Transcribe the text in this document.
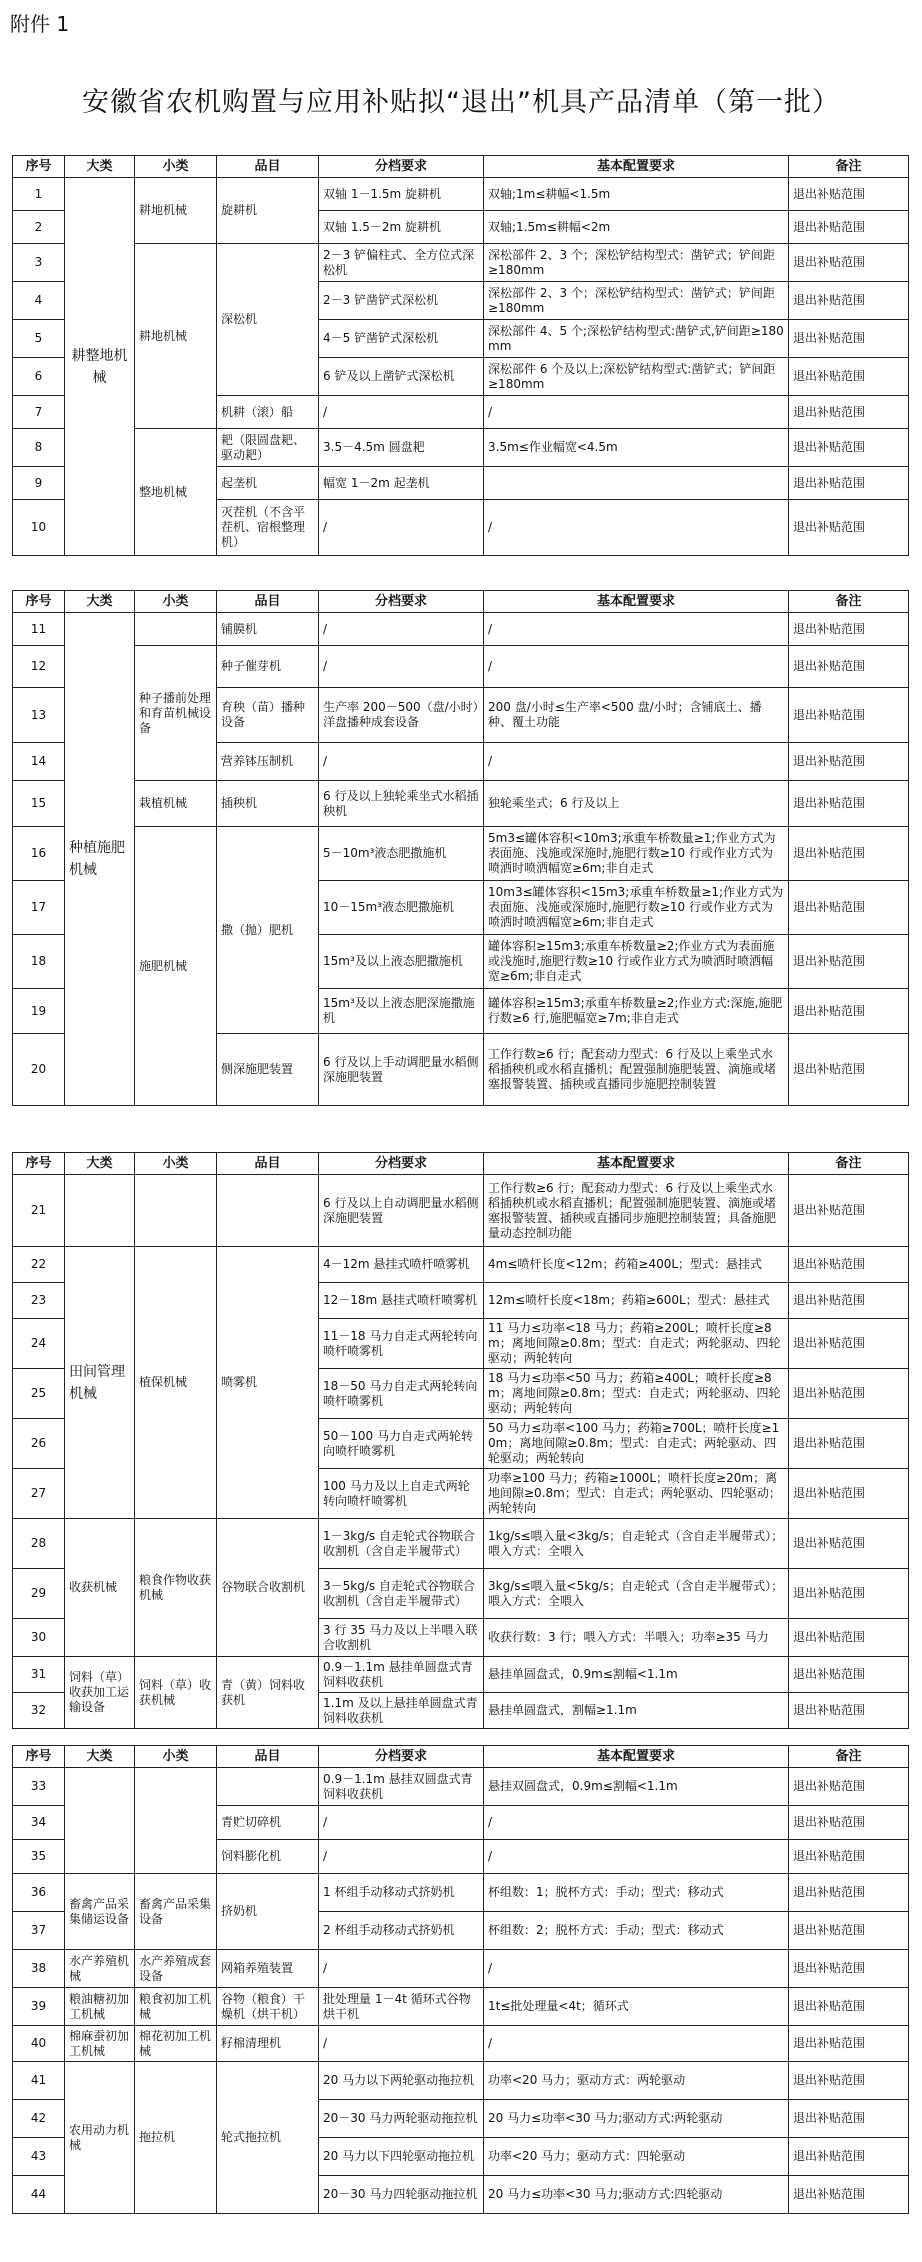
附件 1
安徽省农机购置与应用补贴拟“退出”机具产品清单（第一批）
序号	大类	小类	品目	分档要求	基本配置要求	备注
1	耕整地机械	耕地机械	旋耕机	双轴 1－1.5m 旋耕机	双轴;1m≤耕幅<1.5m	退出补贴范围
2				双轴 1.5－2m 旋耕机	双轴;1.5m≤耕幅<2m	退出补贴范围
3		耕地机械	深松机	2－3 铲偏柱式、全方位式深松机	深松部件 2、3 个；深松铲结构型式：凿铲式；铲间距≥180mm	退出补贴范围
4				2－3 铲凿铲式深松机	深松部件 2、3 个；深松铲结构型式：凿铲式；铲间距≥180mm	退出补贴范围
5				4－5 铲凿铲式深松机	深松部件 4、5 个;深松铲结构型式:凿铲式,铲间距≥180mm	退出补贴范围
6				6 铲及以上凿铲式深松机	深松部件 6 个及以上;深松铲结构型式:凿铲式；铲间距≥180mm	退出补贴范围
7			机耕（滚）船	/	/	退出补贴范围
8		整地机械	耙（限圆盘耙、驱动耙）	3.5－4.5m 圆盘耙	3.5m≤作业幅宽<4.5m	退出补贴范围
9			起垄机	幅宽 1－2m 起垄机		退出补贴范围
10			灭茬机（不含平茬机、宿根整理机）	/	/	退出补贴范围
序号	大类	小类	品目	分档要求	基本配置要求	备注
11	种植施肥机械		铺膜机	/	/	退出补贴范围
12		种子播前处理和育苗机械设备	种子催芽机	/	/	退出补贴范围
13			育秧（苗）播种设备	生产率 200－500（盘/小时）洋盘播种成套设备	200 盘/小时≤生产率<500 盘/小时；含铺底土、播种、覆土功能	退出补贴范围
14			营养钵压制机	/	/	退出补贴范围
15		栽植机械	插秧机	6 行及以上独轮乘坐式水稻插秧机	独轮乘坐式；6 行及以上	退出补贴范围
16		施肥机械	撒（抛）肥机	5－10m³液态肥撒施机	5m3≤罐体容积<10m3;承重车桥数量≥1;作业方式为表面施、浅施或深施时,施肥行数≥10 行或作业方式为喷洒时喷洒幅宽≥6m;非自走式	退出补贴范围
17				10－15m³液态肥撒施机	10m3≤罐体容积<15m3;承重车桥数量≥1;作业方式为表面施、浅施或深施时,施肥行数≥10 行或作业方式为喷洒时喷洒幅宽≥6m;非自走式	退出补贴范围
18				15m³及以上液态肥撒施机	罐体容积≥15m3;承重车桥数量≥2;作业方式为表面施或浅施时,施肥行数≥10 行或作业方式为喷洒时喷洒幅宽≥6m;非自走式	退出补贴范围
19				15m³及以上液态肥深施撒施机	罐体容积≥15m3;承重车桥数量≥2;作业方式:深施,施肥行数≥6 行,施肥幅宽≥7m;非自走式	退出补贴范围
20			侧深施肥装置	6 行及以上手动调肥量水稻侧深施肥装置	工作行数≥6 行；配套动力型式：6 行及以上乘坐式水稻插秧机或水稻直播机；配置强制施肥装置、滴施或堵塞报警装置、插秧或直播同步施肥控制装置	退出补贴范围
序号	大类	小类	品目	分档要求	基本配置要求	备注
21				6 行及以上自动调肥量水稻侧深施肥装置	工作行数≥6 行；配套动力型式：6 行及以上乘坐式水稻插秧机或水稻直播机；配置强制施肥装置、滴施或堵塞报警装置、插秧或直播同步施肥控制装置；具备施肥量动态控制功能	退出补贴范围
22	田间管理机械	植保机械	喷雾机	4－12m 悬挂式喷杆喷雾机	4m≤喷杆长度<12m；药箱≥400L；型式：悬挂式	退出补贴范围
23				12－18m 悬挂式喷杆喷雾机	12m≤喷杆长度<18m；药箱≥600L；型式：悬挂式	退出补贴范围
24				11－18 马力自走式两轮转向喷杆喷雾机	11 马力≤功率<18 马力；药箱≥200L；喷杆长度≥8m；离地间隙≥0.8m；型式：自走式；两轮驱动、四轮驱动；两轮转向	退出补贴范围
25				18－50 马力自走式两轮转向喷杆喷雾机	18 马力≤功率<50 马力；药箱≥400L；喷杆长度≥8m；离地间隙≥0.8m；型式：自走式；两轮驱动、四轮驱动；两轮转向	退出补贴范围
26				50－100 马力自走式两轮转向喷杆喷雾机	50 马力≤功率<100 马力；药箱≥700L；喷杆长度≥10m；离地间隙≥0.8m；型式：自走式；两轮驱动、四轮驱动；两轮转向	退出补贴范围
27				100 马力及以上自走式两轮转向喷杆喷雾机	功率≥100 马力；药箱≥1000L；喷杆长度≥20m；离地间隙≥0.8m；型式：自走式；两轮驱动、四轮驱动；两轮转向	退出补贴范围
28	收获机械	粮食作物收获机械	谷物联合收割机	1－3kg/s 自走轮式谷物联合收割机（含自走半履带式）	1kg/s≤喂入量<3kg/s；自走轮式（含自走半履带式）；喂入方式：全喂入	退出补贴范围
29				3－5kg/s 自走轮式谷物联合收割机（含自走半履带式）	3kg/s≤喂入量<5kg/s；自走轮式（含自走半履带式）；喂入方式：全喂入	退出补贴范围
30				3 行 35 马力及以上半喂入联合收割机	收获行数：3 行；喂入方式：半喂入；功率≥35 马力	退出补贴范围
31	饲料（草）收获加工运输设备	饲料（草）收获机械	青（黄）饲料收获机	0.9－1.1m 悬挂单圆盘式青饲料收获机	悬挂单圆盘式，0.9m≤割幅<1.1m	退出补贴范围
32				1.1m 及以上悬挂单圆盘式青饲料收获机	悬挂单圆盘式，割幅≥1.1m	退出补贴范围
序号	大类	小类	品目	分档要求	基本配置要求	备注
33				0.9－1.1m 悬挂双圆盘式青饲料收获机	悬挂双圆盘式，0.9m≤割幅<1.1m	退出补贴范围
34			青贮切碎机	/	/	退出补贴范围
35			饲料膨化机	/	/	退出补贴范围
36	畜禽产品采集储运设备	畜禽产品采集设备	挤奶机	1 杯组手动移动式挤奶机	杯组数：1；脱杯方式：手动；型式：移动式	退出补贴范围
37				2 杯组手动移动式挤奶机	杯组数：2；脱杯方式：手动；型式：移动式	退出补贴范围
38	水产养殖机械	水产养殖成套设备	网箱养殖装置	/	/	退出补贴范围
39	粮油糖初加工机械	粮食初加工机械	谷物（粮食）干燥机（烘干机）	批处理量 1－4t 循环式谷物烘干机	1t≤批处理量<4t；循环式	退出补贴范围
40	棉麻蚕初加工机械	棉花初加工机械	籽棉清理机	/	/	退出补贴范围
41	农用动力机械	拖拉机	轮式拖拉机	20 马力以下两轮驱动拖拉机	功率<20 马力；驱动方式：两轮驱动	退出补贴范围
42				20－30 马力两轮驱动拖拉机	20 马力≤功率<30 马力;驱动方式:两轮驱动	退出补贴范围
43				20 马力以下四轮驱动拖拉机	功率<20 马力；驱动方式：四轮驱动	退出补贴范围
44				20－30 马力四轮驱动拖拉机	20 马力≤功率<30 马力;驱动方式:四轮驱动	退出补贴范围
